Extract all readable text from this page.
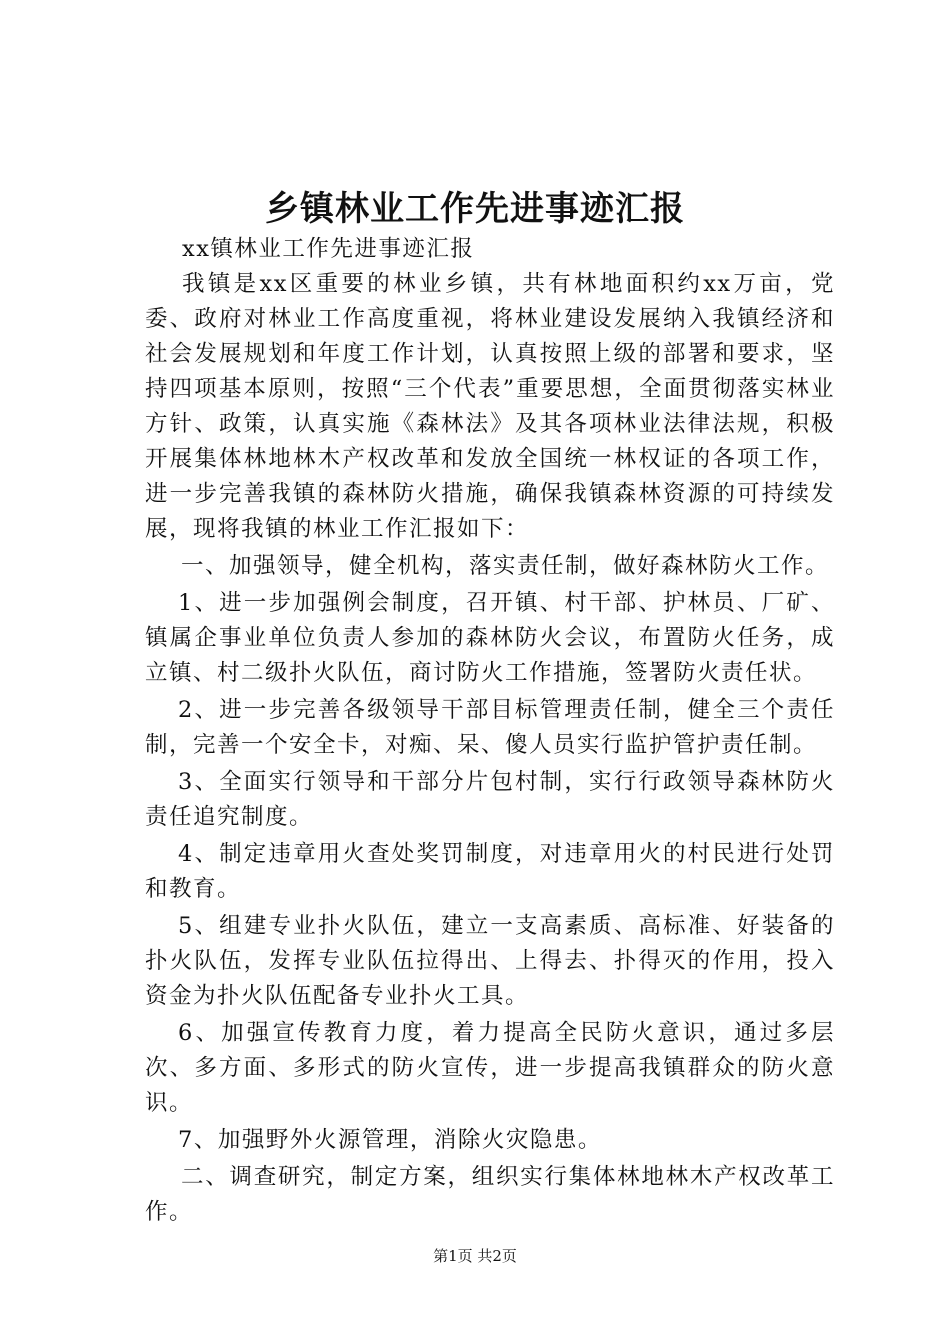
乡镇林业工作先进事迹汇报

xx镇林业工作先进事迹汇报

我镇是xx区重要的林业乡镇，共有林地面积约xx万亩，党委、政府对林业工作高度重视，将林业建设发展纳入我镇经济和社会发展规划和年度工作计划，认真按照上级的部署和要求，坚持四项基本原则，按照“三个代表”重要思想，全面贯彻落实林业方针、政策，认真实施《森林法》及其各项林业法律法规，积极开展集体林地林木产权改革和发放全国统一林权证的各项工作，进一步完善我镇的森林防火措施，确保我镇森林资源的可持续发展，现将我镇的林业工作汇报如下：

一、加强领导，健全机构，落实责任制，做好森林防火工作。

1、进一步加强例会制度，召开镇、村干部、护林员、厂矿、镇属企事业单位负责人参加的森林防火会议，布置防火任务，成立镇、村二级扑火队伍，商讨防火工作措施，签署防火责任状。

2、进一步完善各级领导干部目标管理责任制，健全三个责任制，完善一个安全卡，对痴、呆、傻人员实行监护管护责任制。

3、全面实行领导和干部分片包村制，实行行政领导森林防火责任追究制度。

4、制定违章用火查处奖罚制度，对违章用火的村民进行处罚和教育。

5、组建专业扑火队伍，建立一支高素质、高标准、好装备的扑火队伍，发挥专业队伍拉得出、上得去、扑得灭的作用，投入资金为扑火队伍配备专业扑火工具。

6、加强宣传教育力度，着力提高全民防火意识，通过多层次、多方面、多形式的防火宣传，进一步提高我镇群众的防火意识。

7、加强野外火源管理，消除火灾隐患。

二、调查研究，制定方案，组织实行集体林地林木产权改革工作。

第1页 共2页
